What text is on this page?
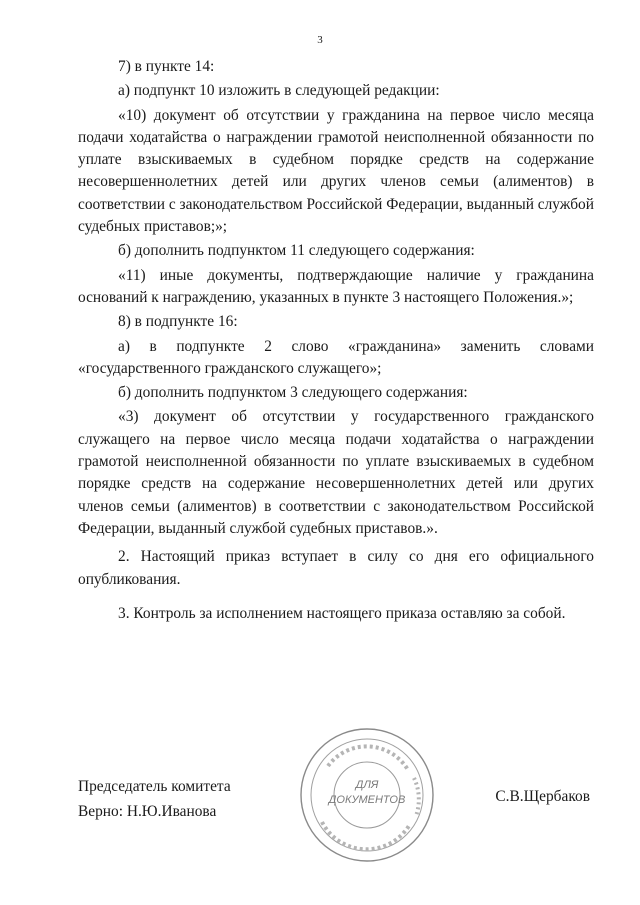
3

7) в пункте 14:

а) подпункт 10 изложить в следующей редакции:

«10) документ об отсутствии у гражданина на первое число месяца подачи ходатайства о награждении грамотой неисполненной обязанности по уплате взыскиваемых в судебном порядке средств на содержание несовершеннолетних детей или других членов семьи (алиментов) в соответствии с законодательством Российской Федерации, выданный службой судебных приставов;»;

б) дополнить подпунктом 11 следующего содержания:

«11) иные документы, подтверждающие наличие у гражданина оснований к награждению, указанных в пункте 3 настоящего Положения.»;

8) в подпункте 16:

а) в подпункте 2 слово «гражданина» заменить словами «государственного гражданского служащего»;

б) дополнить подпунктом 3 следующего содержания:

«3) документ об отсутствии у государственного гражданского служащего на первое число месяца подачи ходатайства о награждении грамотой неисполненной обязанности по уплате взыскиваемых в судебном порядке средств на содержание несовершеннолетних детей или других членов семьи (алиментов) в соответствии с законодательством Российской Федерации, выданный службой судебных приставов.».

2. Настоящий приказ вступает в силу со дня его официального опубликования.

3. Контроль за исполнением настоящего приказа оставляю за собой.

ДЛЯ
ДОКУМЕНТОВ
Председатель комитета
Верно: Н.Ю.Иванова
С.В.Щербаков
